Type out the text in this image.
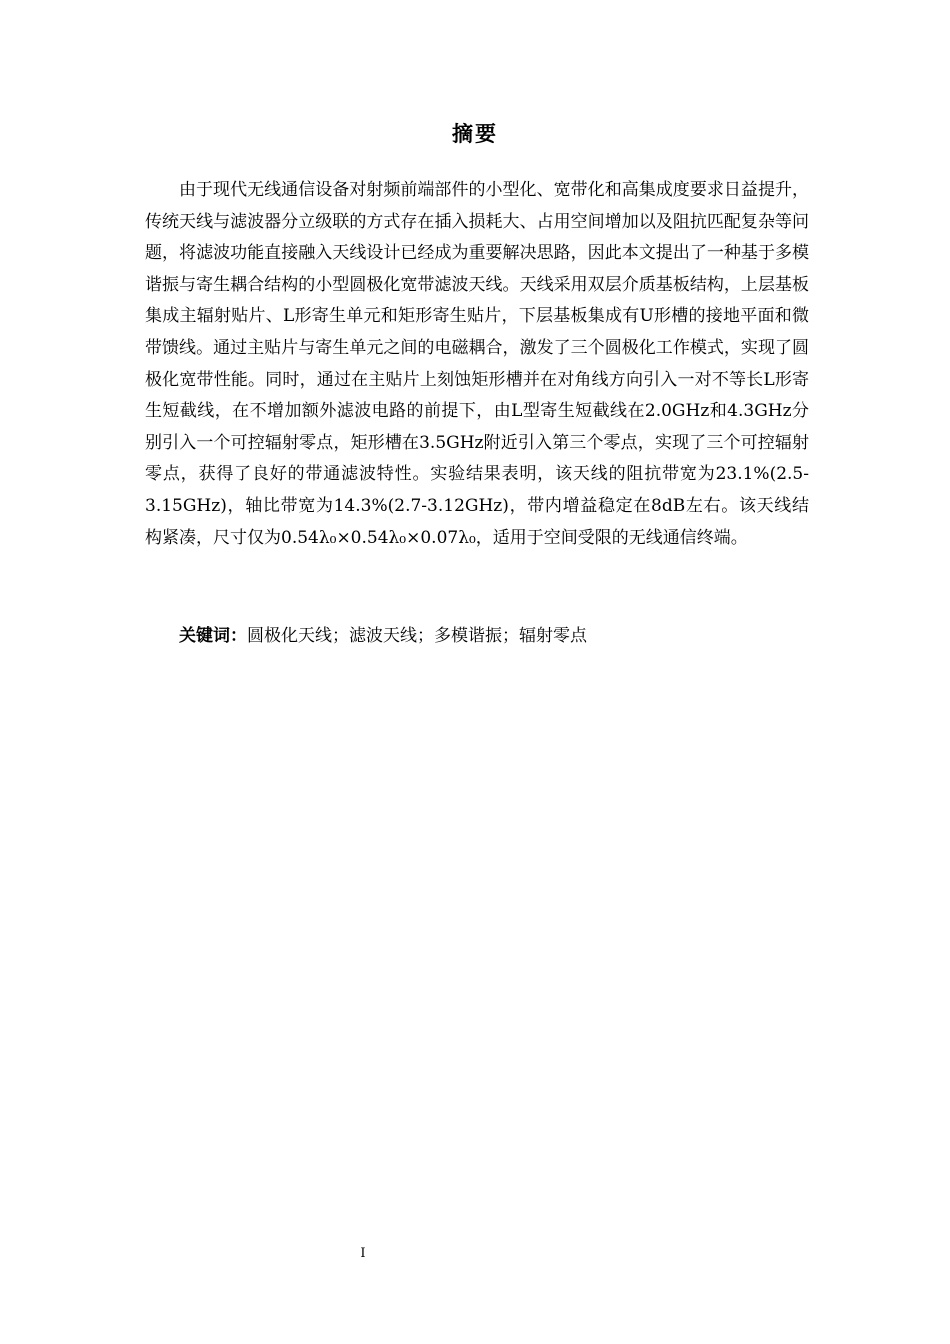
摘要

由于现代无线通信设备对射频前端部件的小型化、宽带化和高集成度要求日益提升，传统天线与滤波器分立级联的方式存在插入损耗大、占用空间增加以及阻抗匹配复杂等问题，将滤波功能直接融入天线设计已经成为重要解决思路，因此本文提出了一种基于多模谐振与寄生耦合结构的小型圆极化宽带滤波天线。天线采用双层介质基板结构，上层基板集成主辐射贴片、L形寄生单元和矩形寄生贴片，下层基板集成有U形槽的接地平面和微带馈线。通过主贴片与寄生单元之间的电磁耦合，激发了三个圆极化工作模式，实现了圆极化宽带性能。同时，通过在主贴片上刻蚀矩形槽并在对角线方向引入一对不等长L形寄生短截线，在不增加额外滤波电路的前提下，由L型寄生短截线在2.0GHz和4.3GHz分别引入一个可控辐射零点，矩形槽在3.5GHz附近引入第三个零点，实现了三个可控辐射零点，获得了良好的带通滤波特性。实验结果表明，该天线的阻抗带宽为23.1%(2.5-3.15GHz)，轴比带宽为14.3%(2.7-3.12GHz)，带内增益稳定在8dB左右。该天线结构紧凑，尺寸仅为0.54λ₀×0.54λ₀×0.07λ₀，适用于空间受限的无线通信终端。

关键词：圆极化天线；滤波天线；多模谐振；辐射零点
I
